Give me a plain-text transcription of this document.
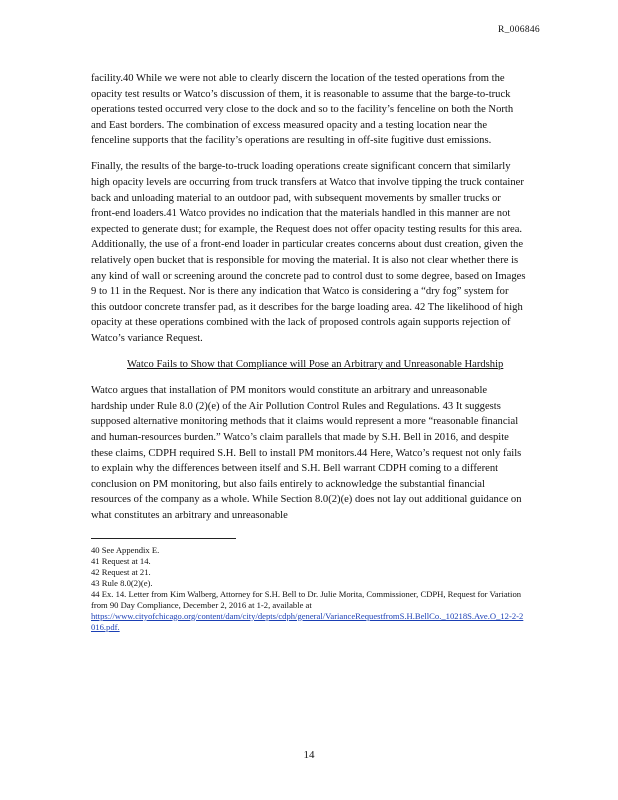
R_006846

facility.40 While we were not able to clearly discern the location of the tested operations from the opacity test results or Watco’s discussion of them, it is reasonable to assume that the barge-to-truck operations tested occurred very close to the dock and so to the facility’s fenceline on both the North and East borders. The combination of excess measured opacity and a testing location near the fenceline supports that the facility’s operations are resulting in off-site fugitive dust emissions.

Finally, the results of the barge-to-truck loading operations create significant concern that similarly high opacity levels are occurring from truck transfers at Watco that involve tipping the truck container back and unloading material to an outdoor pad, with subsequent movements by smaller trucks or front-end loaders.41 Watco provides no indication that the materials handled in this manner are not expected to generate dust; for example, the Request does not offer opacity testing results for this area. Additionally, the use of a front-end loader in particular creates concerns about dust creation, given the relatively open bucket that is responsible for moving the material. It is also not clear whether there is any kind of wall or screening around the concrete pad to control dust to some degree, based on Images 9 to 11 in the Request. Nor is there any indication that Watco is considering a “dry fog” system for this outdoor concrete transfer pad, as it describes for the barge loading area. 42 The likelihood of high opacity at these operations combined with the lack of proposed controls again supports rejection of Watco’s variance Request.

Watco Fails to Show that Compliance will Pose an Arbitrary and Unreasonable Hardship

Watco argues that installation of PM monitors would constitute an arbitrary and unreasonable hardship under Rule 8.0 (2)(e) of the Air Pollution Control Rules and Regulations. 43 It suggests supposed alternative monitoring methods that it claims would represent a more “reasonable financial and human-resources burden.” Watco’s claim parallels that made by S.H. Bell in 2016, and despite these claims, CDPH required S.H. Bell to install PM monitors.44 Here, Watco’s request not only fails to explain why the differences between itself and S.H. Bell warrant CDPH coming to a different conclusion on PM monitoring, but also fails entirely to acknowledge the substantial financial resources of the company as a whole. While Section 8.0(2)(e) does not lay out additional guidance on what constitutes an arbitrary and unreasonable

40 See Appendix E.
41 Request at 14.
42 Request at 21.
43 Rule 8.0(2)(e).
44 Ex. 14. Letter from Kim Walberg, Attorney for S.H. Bell to Dr. Julie Morita, Commissioner, CDPH, Request for Variation from 90 Day Compliance, December 2, 2016 at 1-2, available at
https://www.cityofchicago.org/content/dam/city/depts/cdph/general/VarianceRequestfromS.H.BellCo._10218S.Ave.O_12-2-2016.pdf.
14
